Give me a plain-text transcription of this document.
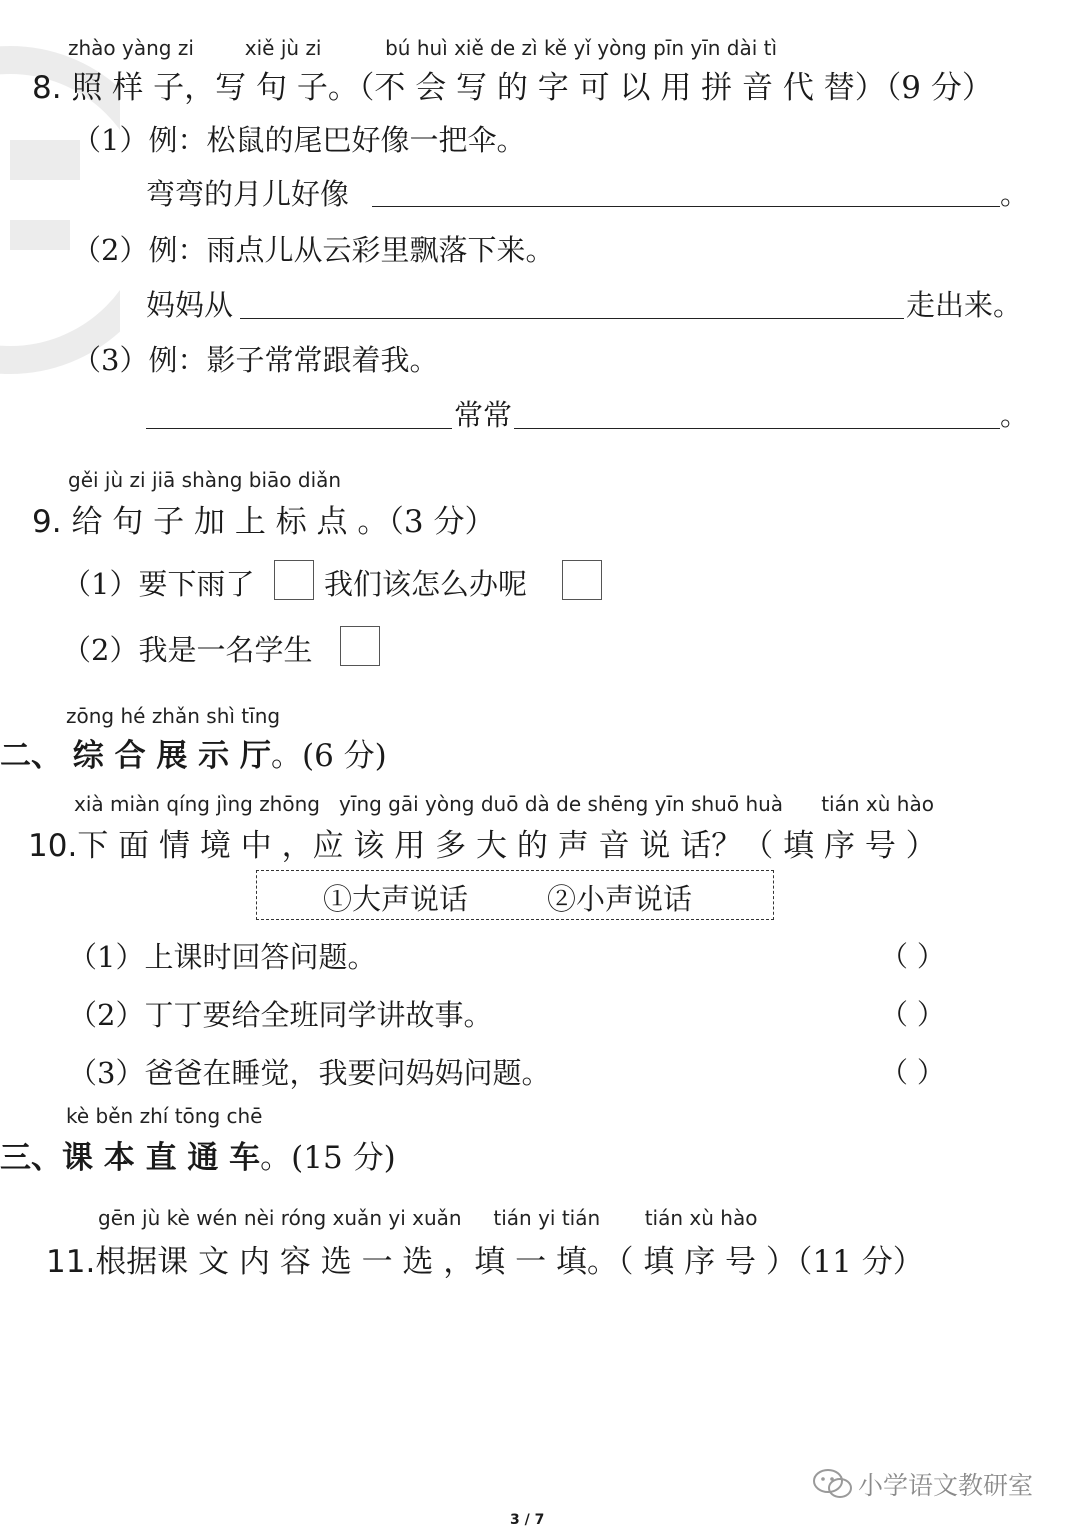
zhào yàng zi	xiě jù zi	bú huì xiě de zì kě yǐ yòng pīn yīn dài tì
8. 照 样 子，写 句 子。（不 会 写 的 字 可 以 用 拼 音 代 替）（9 分）
（1）例：松鼠的尾巴好像一把伞。
弯弯的月儿好像	。
（2）例：雨点儿从云彩里飘落下来。
妈妈从	走出来。
（3）例：影子常常跟着我。
常常	。
gěi jù zi jiā shàng biāo diǎn
9. 给 句 子 加 上 标 点 。（3 分）
（1）要下雨了 我们该怎么办呢
（2）我是一名学生
zōng hé zhǎn shì tīng
二、 综 合 展 示 厅。(6 分)
xià miàn qíng jìng zhōng yīng gāi yòng duō dà de shēng yīn shuō huà tián xù hào
10.下 面 情 境 中 ，应 该 用 多 大 的 声 音 说 话？（ 填 序 号 ）
①大声说话	②小声说话
（1）上课时回答问题。	（ ）
（2）丁丁要给全班同学讲故事。	（ ）
（3）爸爸在睡觉，我要问妈妈问题。	（ ）
kè běn zhí tōng chē
三、课 本 直 通 车。(15 分)
gēn jù kè wén nèi róng xuǎn yi xuǎn tián yi tián tián xù hào
11.根据课 文 内 容 选 一 选 ，填 一 填。（ 填 序 号 ）（11 分）
小学语文教研室
3 / 7
